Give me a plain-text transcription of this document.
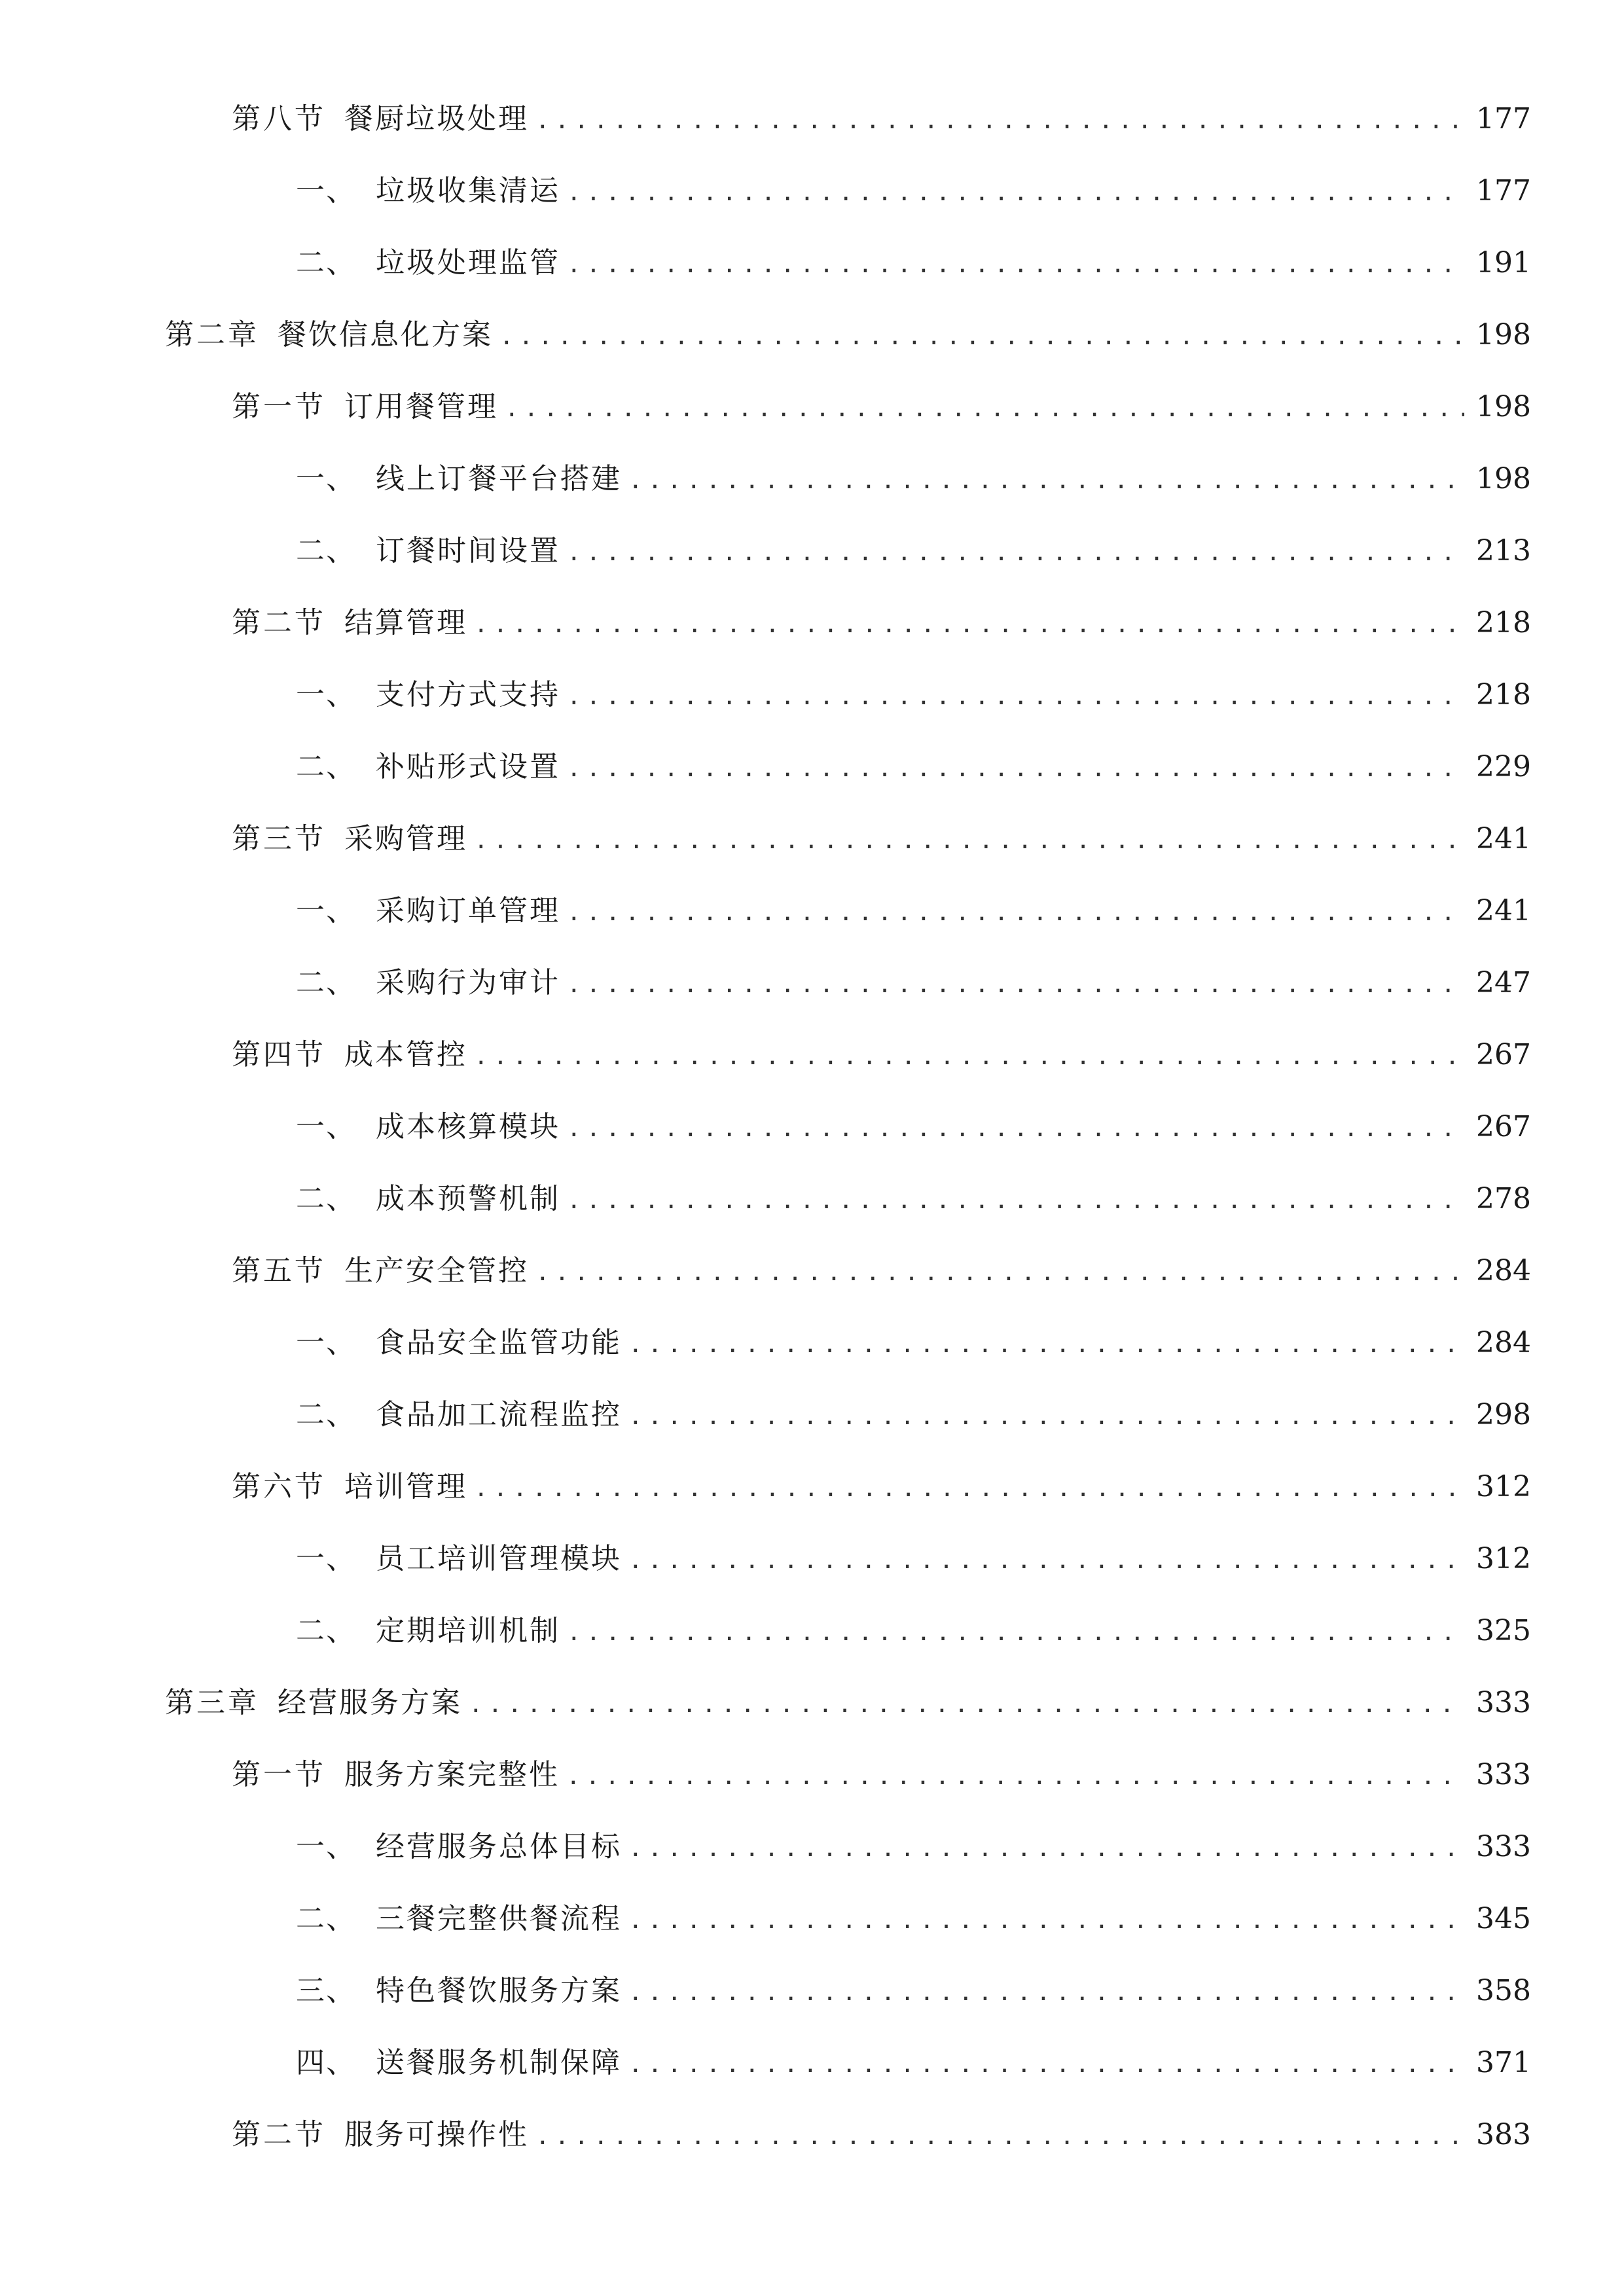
第八节 餐厨垃圾处理 .....	177
一、 垃圾收集清运 .....	177
二、 垃圾处理监管 .....	191
第二章 餐饮信息化方案 .....	198
第一节 订用餐管理 .....	198
一、 线上订餐平台搭建 .....	198
二、 订餐时间设置 .....	213
第二节 结算管理 .....	218
一、 支付方式支持 .....	218
二、 补贴形式设置 .....	229
第三节 采购管理 .....	241
一、 采购订单管理 .....	241
二、 采购行为审计 .....	247
第四节 成本管控 .....	267
一、 成本核算模块 .....	267
二、 成本预警机制 .....	278
第五节 生产安全管控 .....	284
一、 食品安全监管功能 .....	284
二、 食品加工流程监控 .....	298
第六节 培训管理 .....	312
一、 员工培训管理模块 .....	312
二、 定期培训机制 .....	325
第三章 经营服务方案 .....	333
第一节 服务方案完整性 .....	333
一、 经营服务总体目标 .....	333
二、 三餐完整供餐流程 .....	345
三、 特色餐饮服务方案 .....	358
四、 送餐服务机制保障 .....	371
第二节 服务可操作性 .....	383
